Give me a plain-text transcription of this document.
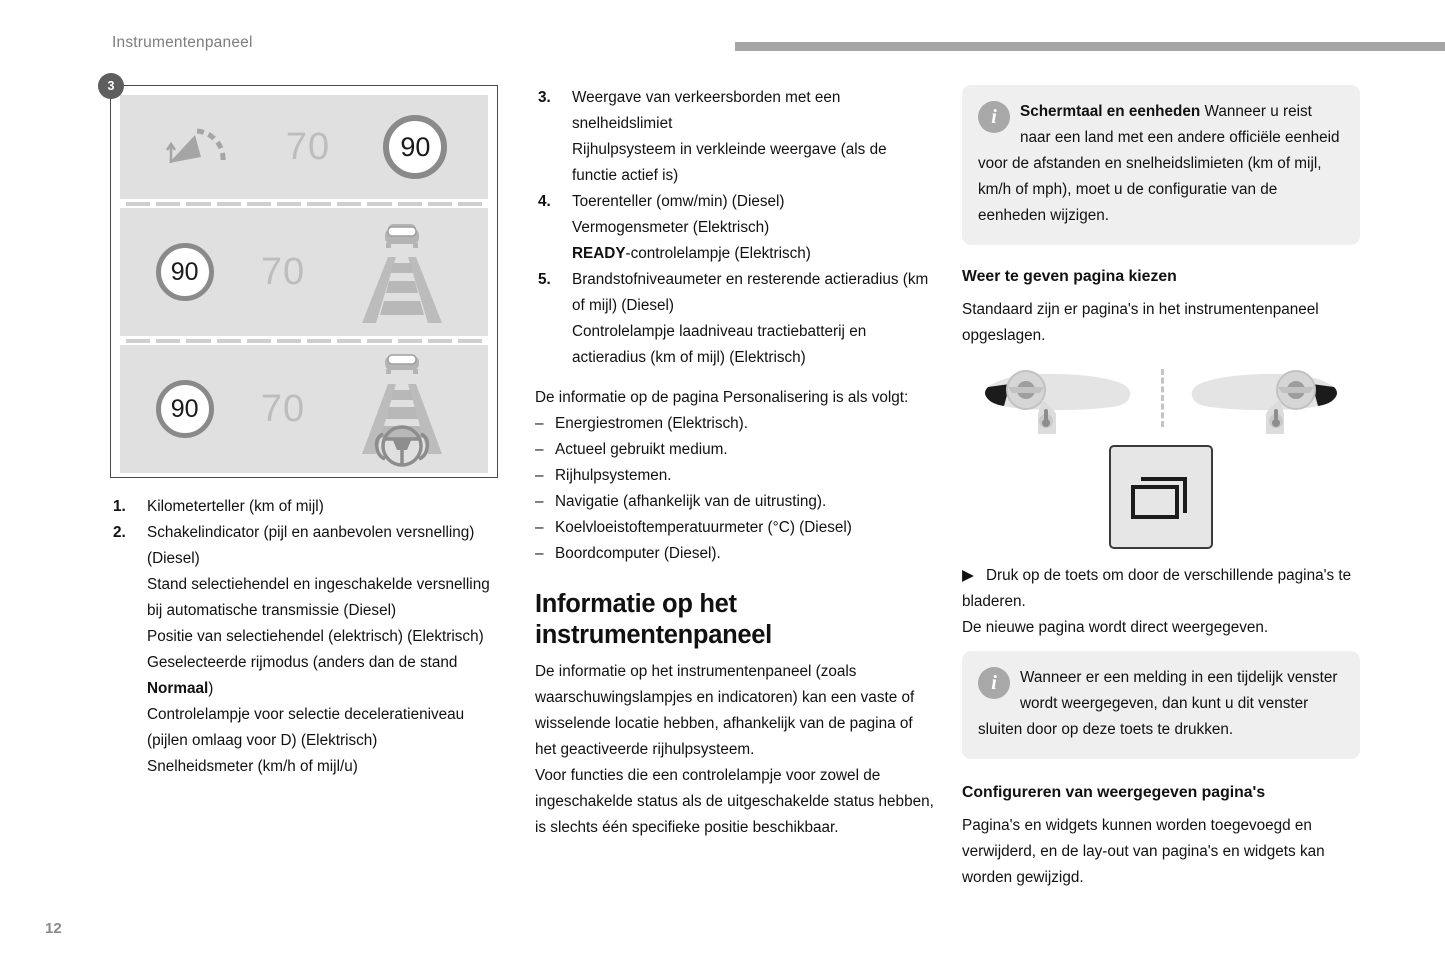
Instrumentenpaneel
12
3
70	90
90	70
90	70
1. Kilometerteller (km of mijl)
2. Schakelindicator (pijl en aanbevolen versnelling) (Diesel)
Stand selectiehendel en ingeschakelde versnelling bij automatische transmissie (Diesel)
Positie van selectiehendel (elektrisch) (Elektrisch)
Geselecteerde rijmodus (anders dan de stand Normaal)
Controlelampje voor selectie deceleratieniveau (pijlen omlaag voor D) (Elektrisch)
Snelheidsmeter (km/h of mijl/u)
3. Weergave van verkeersborden met een snelheidslimiet
Rijhulpsysteem in verkleinde weergave (als de functie actief is)
4. Toerenteller (omw/min) (Diesel)
Vermogensmeter (Elektrisch)
READY-controlelampje (Elektrisch)
5. Brandstofniveaumeter en resterende actieradius (km of mijl) (Diesel)
Controlelampje laadniveau tractiebatterij en actieradius (km of mijl) (Elektrisch)

De informatie op de pagina Personalisering is als volgt:

– Energiestromen (Elektrisch).
– Actueel gebruikt medium.
– Rijhulpsystemen.
– Navigatie (afhankelijk van de uitrusting).
– Koelvloeistoftemperatuurmeter (°C) (Diesel)
– Boordcomputer (Diesel).
Informatie op het instrumentenpaneel

De informatie op het instrumentenpaneel (zoals waarschuwingslampjes en indicatoren) kan een vaste of wisselende locatie hebben, afhankelijk van de pagina of het geactiveerde rijhulpsysteem.

Voor functies die een controlelampje voor zowel de ingeschakelde status als de uitgeschakelde status hebben, is slechts één specifieke positie beschikbaar.

i	Schermtaal en eenheden Wanneer u reist naar een land met een andere officiële eenheid voor de afstanden en snelheidslimieten (km of mijl, km/h of mph), moet u de configuratie van de eenheden wijzigen.
Weer te geven pagina kiezen

Standaard zijn er pagina's in het instrumentenpaneel opgeslagen.

▶ Druk op de toets om door de verschillende pagina's te bladeren.

De nieuwe pagina wordt direct weergegeven.

i	Wanneer er een melding in een tijdelijk venster wordt weergegeven, dan kunt u dit venster sluiten door op deze toets te drukken.
Configureren van weergegeven pagina's

Pagina's en widgets kunnen worden toegevoegd en verwijderd, en de lay-out van pagina's en widgets kan worden gewijzigd.
